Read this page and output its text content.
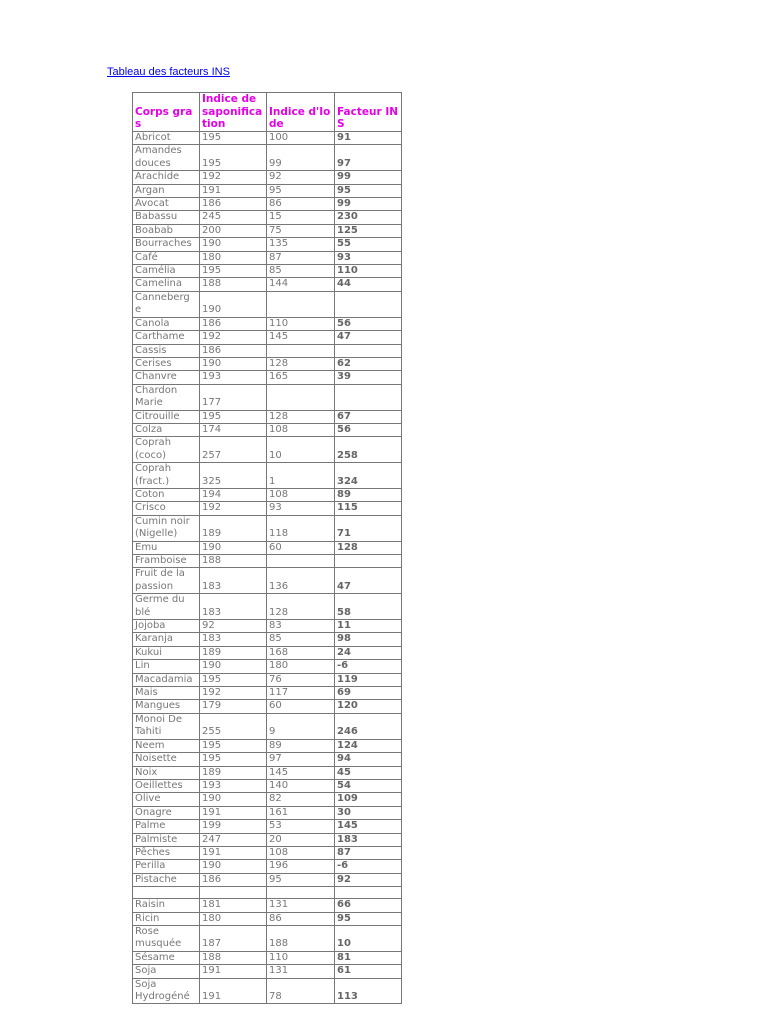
Tableau des facteurs INS
Corps gras	Indice de saponification	Indice d'Iode	Facteur INS

Abricot	195	100	91

Amandes
douces	195	99	97

Arachide	192	92	99

Argan	191	95	95

Avocat	186	86	99

Babassu	245	15	230

Boabab	200	75	125

Bourraches	190	135	55

Café	180	87	93

Camélia	195	85	110

Camelina	188	144	44

Canneberg
e	190		

Canola	186	110	56

Carthame	192	145	47

Cassis	186		

Cerises	190	128	62

Chanvre	193	165	39

Chardon
Marie	177		

Citrouille	195	128	67

Colza	174	108	56

Coprah
(coco)	257	10	258

Coprah
(fract.)	325	1	324

Coton	194	108	89

Crisco	192	93	115

Cumin noir
(Nigelle)	189	118	71

Emu	190	60	128

Framboise	188		

Fruit de la
passion	183	136	47

Germe du
blé	183	128	58

Jojoba	92	83	11

Karanja	183	85	98

Kukui	189	168	24

Lin	190	180	-6

Macadamia	195	76	119

Mais	192	117	69

Mangues	179	60	120

Monoi De
Tahiti	255	9	246

Neem	195	89	124

Noisette	195	97	94

Noix	189	145	45

Oeillettes	193	140	54

Olive	190	82	109

Onagre	191	161	30

Palme	199	53	145

Palmiste	247	20	183

Pêches	191	108	87

Perilla	190	196	-6

Pistache	186	95	92

Raisin	181	131	66

Ricin	180	86	95

Rose
musquée	187	188	10

Sésame	188	110	81

Soja	191	131	61

Soja
Hydrogéné	191	78	113
